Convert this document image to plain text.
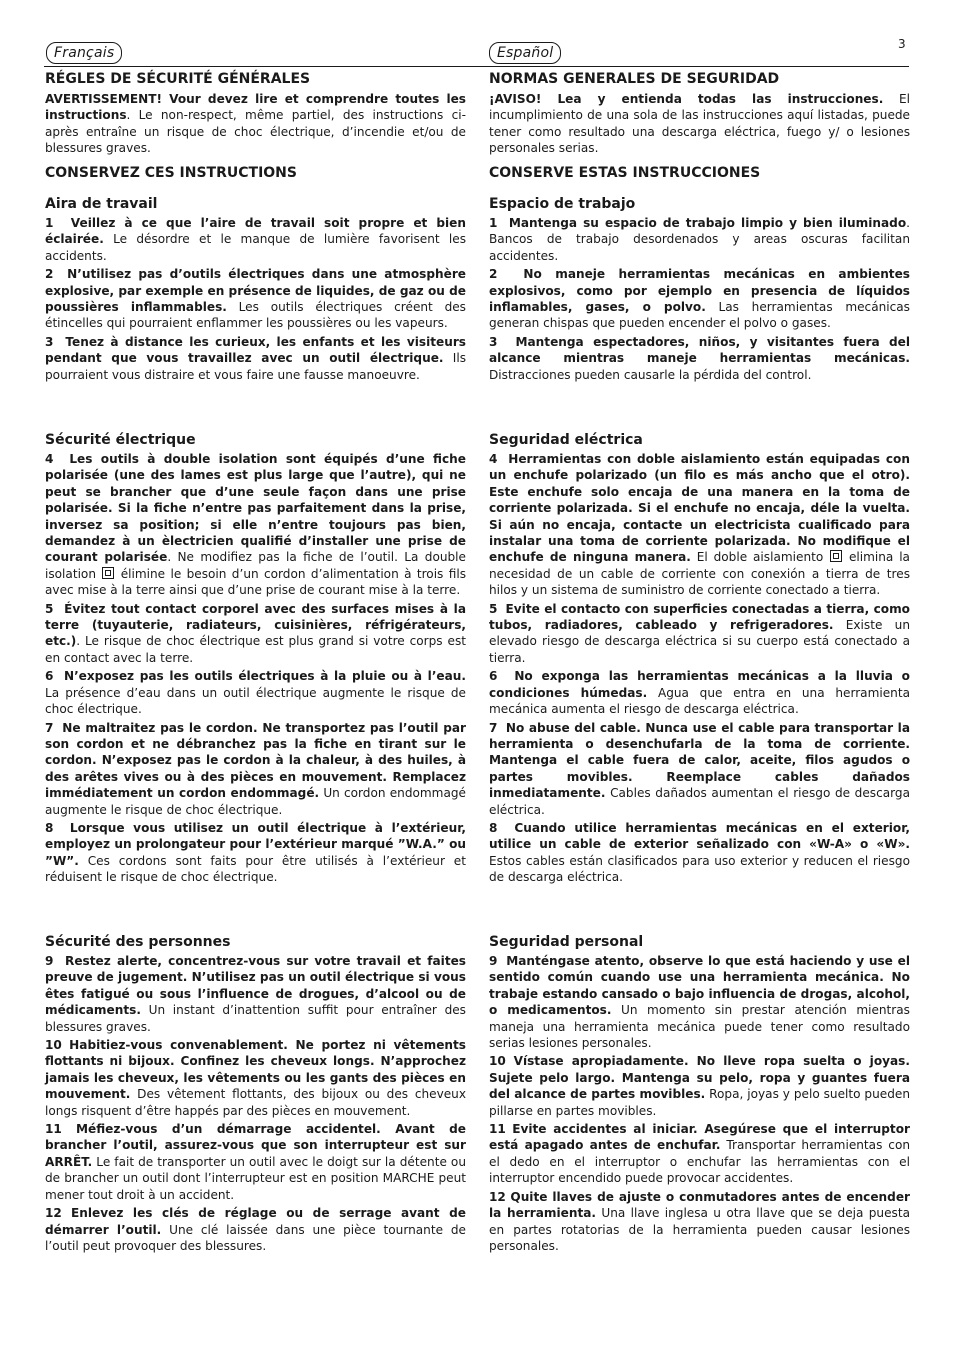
3
Français	Español
RÉGLES DE SÉCURITÉ GÉNÉRALES
AVERTISSEMENT! Vour devez lire et comprendre toutes les instructions. Le non-respect, même partiel, des instructions ci-après entraîne un risque de choc électrique, d’incendie et/ou de blessures graves.
CONSERVEZ CES INSTRUCTIONS
Aira de travail
1 Veillez à ce que l’aire de travail soit propre et bien éclairée. Le désordre et le manque de lumière favorisent les accidents.
2 N’utilisez pas d’outils électriques dans une atmosphère explosive, par exemple en présence de liquides, de gaz ou de poussières inflammables. Les outils électriques créent des étincelles qui pourraient enflammer les poussières ou les vapeurs.
3 Tenez à distance les curieux, les enfants et les visiteurs pendant que vous travaillez avec un outil électrique. Ils pourraient vous distraire et vous faire une fausse manoeuvre.
Sécurité électrique
4 Les outils à double isolation sont équipés d’une fiche polarisée (une des lames est plus large que l’autre), qui ne peut se brancher que d’une seule façon dans une prise polarisée. Si la fiche n’entre pas parfaitement dans la prise, inversez sa position; si elle n’entre toujours pas bien, demandez à un èlectricien qualifié d’installer une prise de courant polarisée. Ne modifiez pas la fiche de l’outil. La double isolation  élimine le besoin d’un cordon d’alimentation à trois fils avec mise à la terre ainsi que d’une prise de courant mise à la terre.
5 Évitez tout contact corporel avec des surfaces mises à la terre (tuyauterie, radiateurs, cuisinières, réfrigérateurs, etc.). Le risque de choc électrique est plus grand si votre corps est en contact avec la terre.
6 N’exposez pas les outils électriques à la pluie ou à l’eau. La présence d’eau dans un outil électrique augmente le risque de choc électrique.
7 Ne maltraitez pas le cordon. Ne transportez pas l’outil par son cordon et ne débranchez pas la fiche en tirant sur le cordon. N’exposez pas le cordon à la chaleur, à des huiles, à des arêtes vives ou à des pièces en mouvement. Remplacez immédiatement un cordon endommagé. Un cordon endommagé augmente le risque de choc électrique.
8 Lorsque vous utilisez un outil électrique à l’extérieur, employez un prolongateur pour l’extérieur marqué ”W.A.” ou ”W”. Ces cordons sont faits pour être utilisés à l’extérieur et réduisent le risque de choc électrique.
Sécurité des personnes
9 Restez alerte, concentrez-vous sur votre travail et faites preuve de jugement. N’utilisez pas un outil électrique si vous êtes fatigué ou sous l’influence de drogues, d’alcool ou de médicaments. Un instant d’inattention suffit pour entraîner des blessures graves.
10 Habitiez-vous convenablement. Ne portez ni vêtements flottants ni bijoux. Confinez les cheveux longs. N’approchez jamais les cheveux, les vêtements ou les gants des pièces en mouvement. Des vêtement flottants, des bijoux ou des cheveux longs risquent d’être happés par des pièces en mouvement.
11 Méfiez-vous d’un démarrage accidentel. Avant de brancher l’outil, assurez-vous que son interrupteur est sur ARRÊT. Le fait de transporter un outil avec le doigt sur la détente ou de brancher un outil dont l’interrupteur est en position MARCHE peut mener tout droit à un accident.
12 Enlevez les clés de réglage ou de serrage avant de démarrer l’outil. Une clé laissée dans une pièce tournante de l’outil peut provoquer des blessures.
NORMAS GENERALES DE SEGURIDAD
¡AVISO! Lea y entienda todas las instrucciones. El incumplimiento de una sola de las instrucciones aquí listadas, puede tener como resultado una descarga eléctrica, fuego y/ o lesiones personales serias.
CONSERVE ESTAS INSTRUCCIONES
Espacio de trabajo
1 Mantenga su espacio de trabajo limpio y bien iluminado. Bancos de trabajo desordenados y areas oscuras facilitan accidentes.
2 No maneje herramientas mecánicas en ambientes explosivos, como por ejemplo en presencia de líquidos inflamables, gases, o polvo. Las herramientas mecánicas generan chispas que pueden encender el polvo o gases.
3 Mantenga espectadores, niños, y visitantes fuera del alcance mientras maneje herramientas mecánicas. Distracciones pueden causarle la pérdida del control.
Seguridad eléctrica
4 Herramientas con doble aislamiento están equipadas con un enchufe polarizado (un filo es más ancho que el otro). Este enchufe solo encaja de una manera en la toma de corriente polarizada. Si el enchufe no encaja, déle la vuelta. Si aún no encaja, contacte un electricista cualificado para instalar una toma de corriente polarizada. No modifique el enchufe de ninguna manera. El doble aislamiento  elimina la necesidad de un cable de corriente con conexión a tierra de tres hilos y un sistema de suministro de corriente conectado a tierra.
5 Evite el contacto con superficies conectadas a tierra, como tubos, radiadores, cableado y refrigeradores. Existe un elevado riesgo de descarga eléctrica si su cuerpo está conectado a tierra.
6 No exponga las herramientas mecánicas a la lluvia o condiciones húmedas. Agua que entra en una herramienta mecánica aumenta el riesgo de descarga eléctrica.
7 No abuse del cable. Nunca use el cable para transportar la herramienta o desenchufarla de la toma de corriente. Mantenga el cable fuera de calor, aceite, filos agudos o partes movibles. Reemplace cables dañados inmediatamente. Cables dañados aumentan el riesgo de descarga eléctrica.
8 Cuando utilice herramientas mecánicas en el exterior, utilice un cable de exterior señalizado con «W-A» o «W». Estos cables están clasificados para uso exterior y reducen el riesgo de descarga eléctrica.
Seguridad personal
9 Manténgase atento, observe lo que está haciendo y use el sentido común cuando use una herramienta mecánica. No trabaje estando cansado o bajo influencia de drogas, alcohol, o medicamentos. Un momento sin prestar atención mientras maneja una herramienta mecánica puede tener como resultado serias lesiones personales.
10 Vístase apropiadamente. No lleve ropa suelta o joyas. Sujete pelo largo. Mantenga su pelo, ropa y guantes fuera del alcance de partes movibles. Ropa, joyas y pelo suelto pueden pillarse en partes movibles.
11 Evite accidentes al iniciar. Asegúrese que el interruptor está apagado antes de enchufar. Transportar herramientas con el dedo en el interruptor o enchufar las herramientas con el interruptor encendido puede provocar accidentes.
12 Quite llaves de ajuste o conmutadores antes de encender la herramienta. Una llave inglesa u otra llave que se deja puesta en partes rotatorias de la herramienta pueden causar lesiones personales.
